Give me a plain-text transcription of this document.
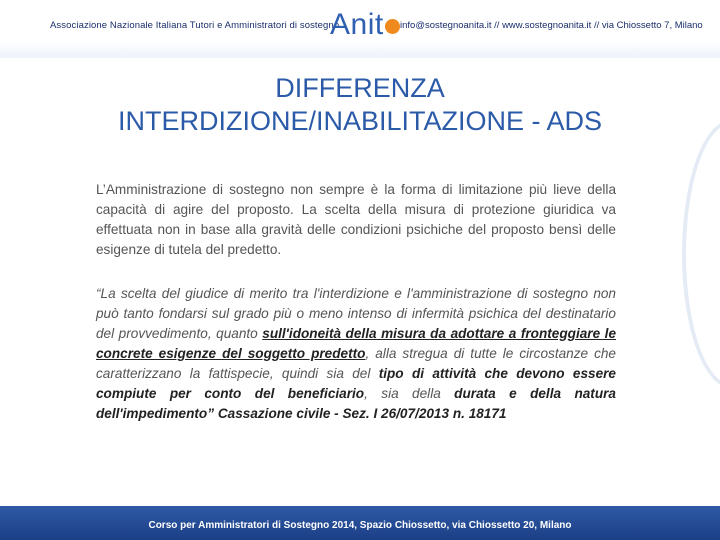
Associazione Nazionale Italiana Tutori e Amministratori di sostegno
Anit	info@sostegnoanita.it // www.sostegnoanita.it // via Chiossetto 7, Milano
DIFFERENZA
INTERDIZIONE/INABILITAZIONE - ADS
L’Amministrazione di sostegno non sempre è la forma di limitazione più lieve della capacità di agire del proposto. La scelta della misura di protezione giuridica va effettuata non in base alla gravità delle condizioni psichiche del proposto bensì delle esigenze di tutela del predetto.
“La scelta del giudice di merito tra l'interdizione e l'amministrazione di sostegno non può tanto fondarsi sul grado più o meno intenso di infermità psichica del destinatario del provvedimento, quanto sull'idoneità della misura da adottare a fronteggiare le concrete esigenze del soggetto predetto, alla stregua di tutte le circostanze che caratterizzano la fattispecie, quindi sia del tipo di attività che devono essere compiute per conto del beneficiario, sia della durata e della natura dell'impedimento” Cassazione civile - Sez. I 26/07/2013 n. 18171
Corso per Amministratori di Sostegno 2014, Spazio Chiossetto, via Chiossetto 20, Milano
